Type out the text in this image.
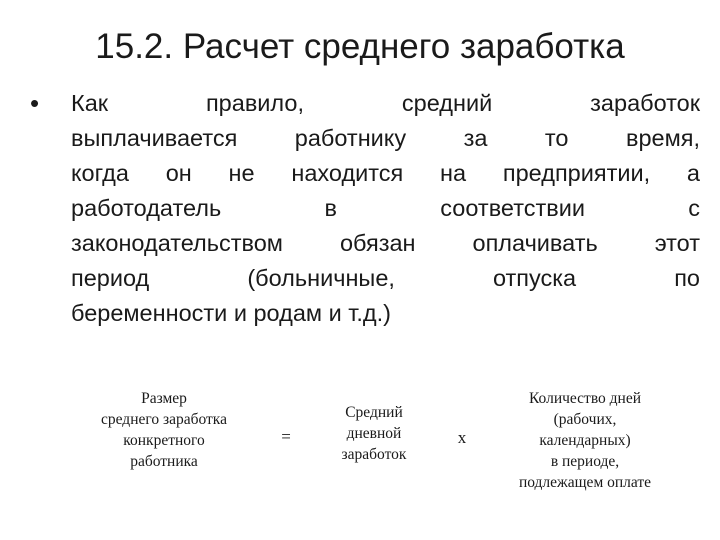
15.2. Расчет среднего заработка
• Как правило, средний заработок
выплачивается работнику за то время,
когда он не находится на предприятии, а
работодатель в соответствии с
законодательством обязан оплачивать этот
период (больничные, отпуска по
беременности и родам и т.д.)
Размер
среднего заработка
конкретного
работника
=
Средний
дневной
заработок
х
Количество дней
(рабочих,
календарных)
в периоде,
подлежащем оплате
